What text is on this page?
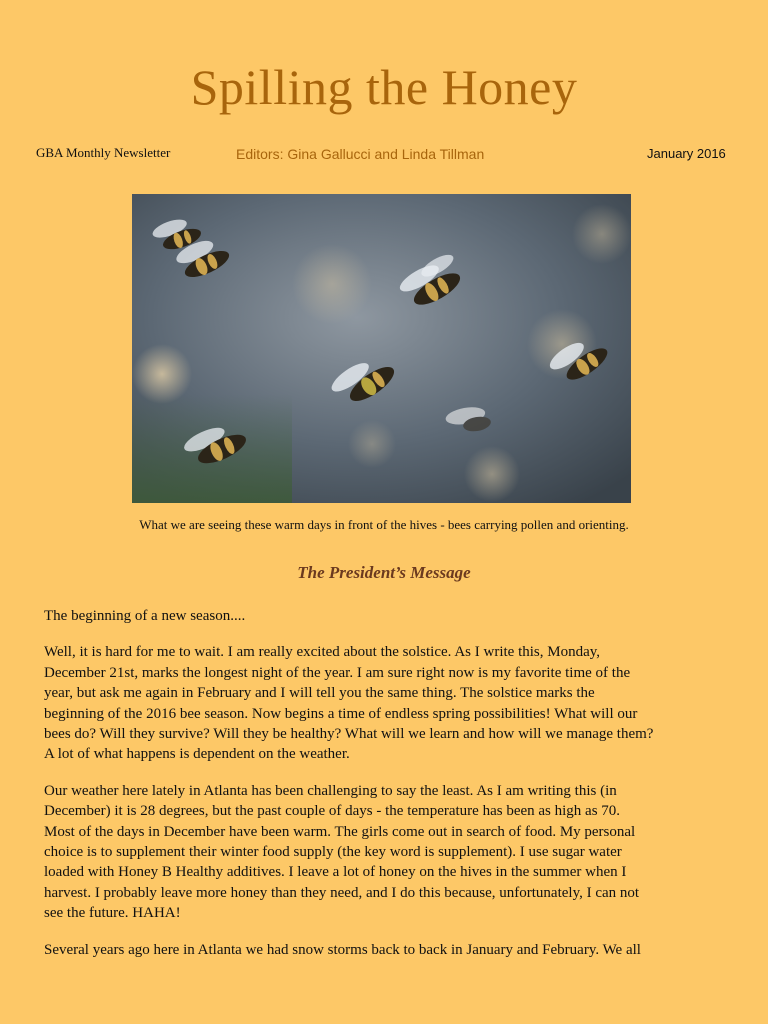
Spilling the Honey
GBA Monthly Newsletter	Editors: Gina Gallucci and Linda Tillman	January 2016
What we are seeing these warm days in front of the hives - bees carrying pollen and orienting.
The President’s Message

The beginning of a new season....

Well, it is hard for me to wait. I am really excited about the solstice. As I write this, Monday,
December 21st, marks the longest night of the year. I am sure right now is my favorite time of the
year, but ask me again in February and I will tell you the same thing. The solstice marks the
beginning of the 2016 bee season. Now begins a time of endless spring possibilities! What will our
bees do? Will they survive? Will they be healthy? What will we learn and how will we manage them?
A lot of what happens is dependent on the weather.

Our weather here lately in Atlanta has been challenging to say the least. As I am writing this (in
December) it is 28 degrees, but the past couple of days - the temperature has been as high as 70.
Most of the days in December have been warm. The girls come out in search of food. My personal
choice is to supplement their winter food supply (the key word is supplement). I use sugar water
loaded with Honey B Healthy additives. I leave a lot of honey on the hives in the summer when I
harvest. I probably leave more honey than they need, and I do this because, unfortunately, I can not
see the future. HAHA!

Several years ago here in Atlanta we had snow storms back to back in January and February. We all
